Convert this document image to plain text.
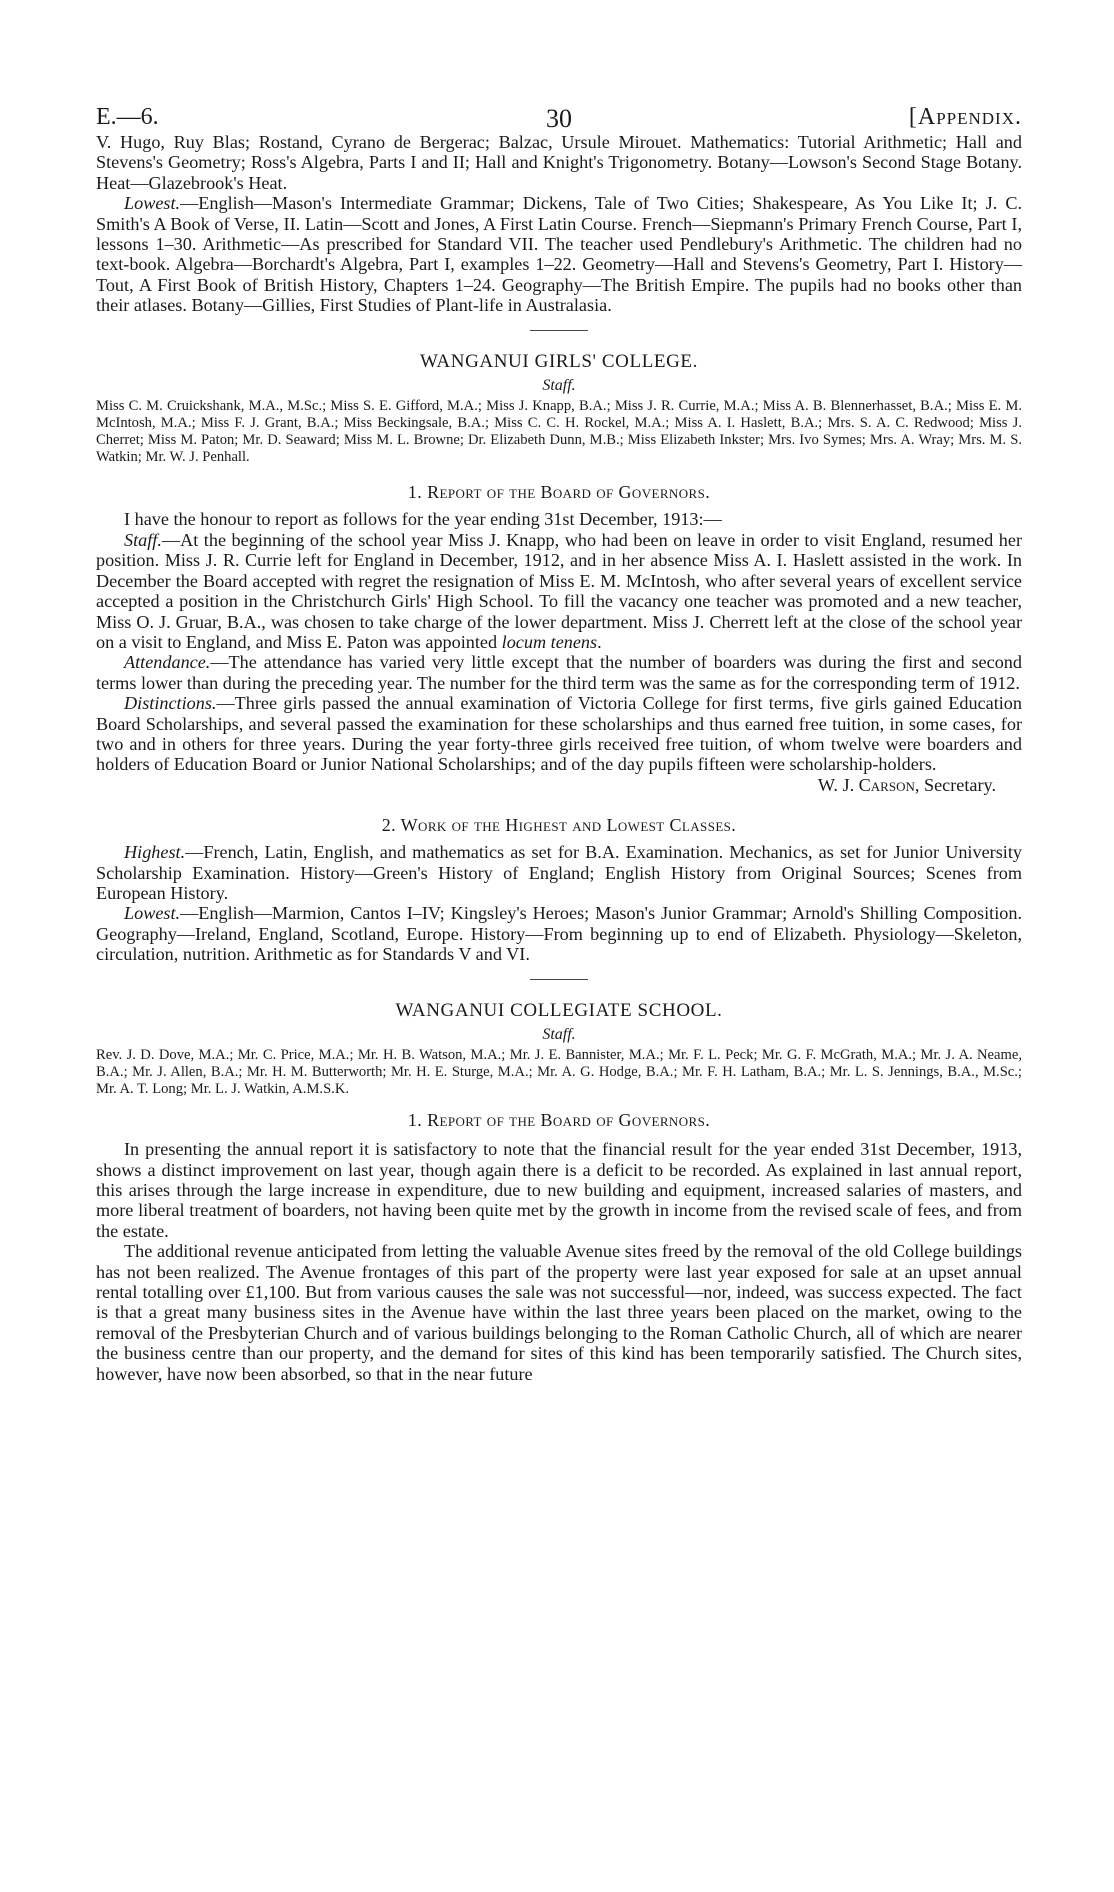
E.—6.	30	[Appendix.

V. Hugo, Ruy Blas; Rostand, Cyrano de Bergerac; Balzac, Ursule Mirouet. Mathematics: Tutorial Arithmetic; Hall and Stevens's Geometry; Ross's Algebra, Parts I and II; Hall and Knight's Trigonometry. Botany—Lowson's Second Stage Botany. Heat—Glazebrook's Heat.

Lowest.—English—Mason's Intermediate Grammar; Dickens, Tale of Two Cities; Shakespeare, As You Like It; J. C. Smith's A Book of Verse, II. Latin—Scott and Jones, A First Latin Course. French—Siepmann's Primary French Course, Part I, lessons 1–30. Arithmetic—As prescribed for Standard VII. The teacher used Pendlebury's Arithmetic. The children had no text-book. Algebra—Borchardt's Algebra, Part I, examples 1–22. Geometry—Hall and Stevens's Geometry, Part I. History—Tout, A First Book of British History, Chapters 1–24. Geography—The British Empire. The pupils had no books other than their atlases. Botany—Gillies, First Studies of Plant-life in Australasia.

WANGANUI GIRLS' COLLEGE.
Staff.

Miss C. M. Cruickshank, M.A., M.Sc.; Miss S. E. Gifford, M.A.; Miss J. Knapp, B.A.; Miss J. R. Currie, M.A.; Miss A. B. Blennerhasset, B.A.; Miss E. M. McIntosh, M.A.; Miss F. J. Grant, B.A.; Miss Beckingsale, B.A.; Miss C. C. H. Rockel, M.A.; Miss A. I. Haslett, B.A.; Mrs. S. A. C. Redwood; Miss J. Cherret; Miss M. Paton; Mr. D. Seaward; Miss M. L. Browne; Dr. Elizabeth Dunn, M.B.; Miss Elizabeth Inkster; Mrs. Ivo Symes; Mrs. A. Wray; Mrs. M. S. Watkin; Mr. W. J. Penhall.

1. Report of the Board of Governors.

I have the honour to report as follows for the year ending 31st December, 1913:—

Staff.—At the beginning of the school year Miss J. Knapp, who had been on leave in order to visit England, resumed her position. Miss J. R. Currie left for England in December, 1912, and in her absence Miss A. I. Haslett assisted in the work. In December the Board accepted with regret the resignation of Miss E. M. McIntosh, who after several years of excellent service accepted a position in the Christchurch Girls' High School. To fill the vacancy one teacher was promoted and a new teacher, Miss O. J. Gruar, B.A., was chosen to take charge of the lower department. Miss J. Cherrett left at the close of the school year on a visit to England, and Miss E. Paton was appointed locum tenens.

Attendance.—The attendance has varied very little except that the number of boarders was during the first and second terms lower than during the preceding year. The number for the third term was the same as for the corresponding term of 1912.

Distinctions.—Three girls passed the annual examination of Victoria College for first terms, five girls gained Education Board Scholarships, and several passed the examination for these scholarships and thus earned free tuition, in some cases, for two and in others for three years. During the year forty-three girls received free tuition, of whom twelve were boarders and holders of Education Board or Junior National Scholarships; and of the day pupils fifteen were scholarship-holders.

W. J. Carson, Secretary.
2. Work of the Highest and Lowest Classes.

Highest.—French, Latin, English, and mathematics as set for B.A. Examination. Mechanics, as set for Junior University Scholarship Examination. History—Green's History of England; English History from Original Sources; Scenes from European History.

Lowest.—English—Marmion, Cantos I–IV; Kingsley's Heroes; Mason's Junior Grammar; Arnold's Shilling Composition. Geography—Ireland, England, Scotland, Europe. History—From beginning up to end of Elizabeth. Physiology—Skeleton, circulation, nutrition. Arithmetic as for Standards V and VI.

WANGANUI COLLEGIATE SCHOOL.
Staff.

Rev. J. D. Dove, M.A.; Mr. C. Price, M.A.; Mr. H. B. Watson, M.A.; Mr. J. E. Bannister, M.A.; Mr. F. L. Peck; Mr. G. F. McGrath, M.A.; Mr. J. A. Neame, B.A.; Mr. J. Allen, B.A.; Mr. H. M. Butterworth; Mr. H. E. Sturge, M.A.; Mr. A. G. Hodge, B.A.; Mr. F. H. Latham, B.A.; Mr. L. S. Jennings, B.A., M.Sc.; Mr. A. T. Long; Mr. L. J. Watkin, A.M.S.K.

1. Report of the Board of Governors.

In presenting the annual report it is satisfactory to note that the financial result for the year ended 31st December, 1913, shows a distinct improvement on last year, though again there is a deficit to be recorded. As explained in last annual report, this arises through the large increase in expenditure, due to new building and equipment, increased salaries of masters, and more liberal treatment of boarders, not having been quite met by the growth in income from the revised scale of fees, and from the estate.

The additional revenue anticipated from letting the valuable Avenue sites freed by the removal of the old College buildings has not been realized. The Avenue frontages of this part of the property were last year exposed for sale at an upset annual rental totalling over £1,100. But from various causes the sale was not successful—nor, indeed, was success expected. The fact is that a great many business sites in the Avenue have within the last three years been placed on the market, owing to the removal of the Presbyterian Church and of various buildings belonging to the Roman Catholic Church, all of which are nearer the business centre than our property, and the demand for sites of this kind has been temporarily satisfied. The Church sites, however, have now been absorbed, so that in the near future
